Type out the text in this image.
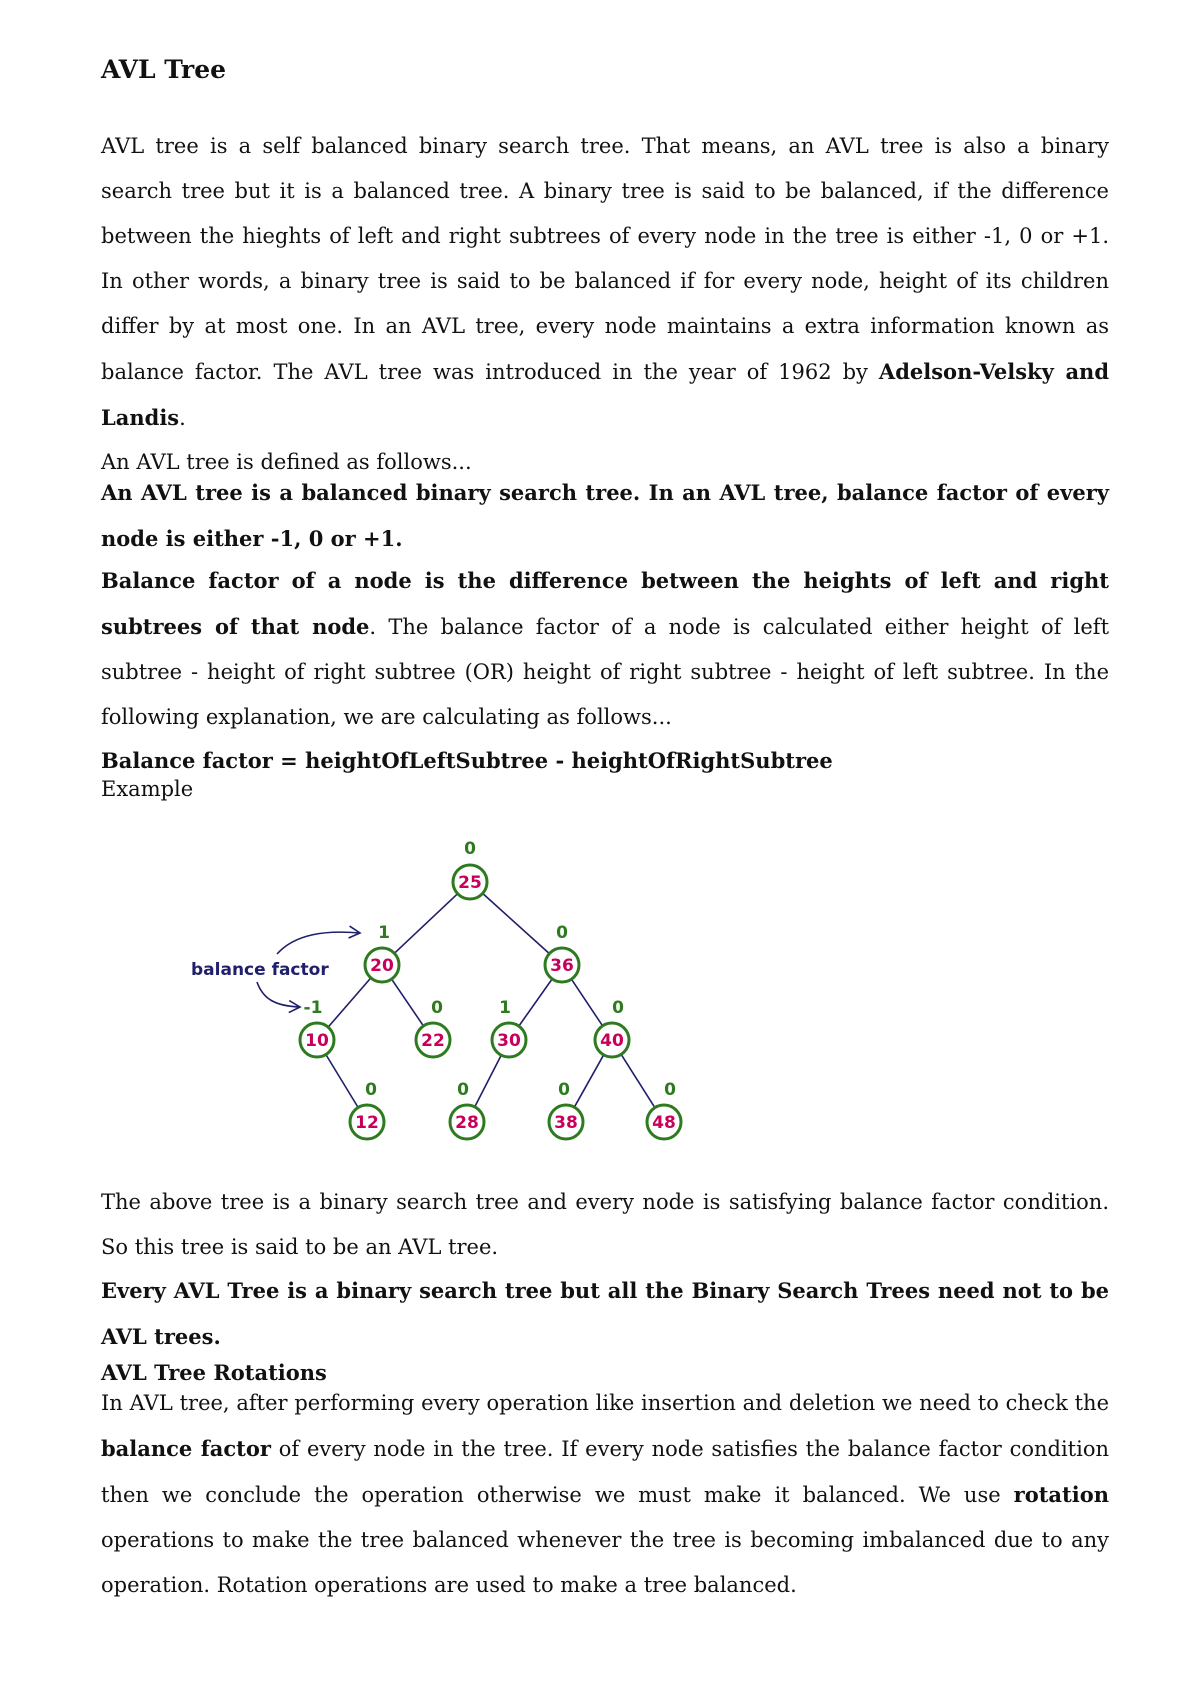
AVL Tree

AVL tree is a self balanced binary search tree. That means, an AVL tree is also a binary search tree but it is a balanced tree. A binary tree is said to be balanced, if the difference between the hieghts of left and right subtrees of every node in the tree is either -1, 0 or +1. In other words, a binary tree is said to be balanced if for every node, height of its children differ by at most one. In an AVL tree, every node maintains a extra information known as balance factor. The AVL tree was introduced in the year of 1962 by Adelson-Velsky and Landis.

An AVL tree is defined as follows...

An AVL tree is a balanced binary search tree. In an AVL tree, balance factor of every node is either -1, 0 or +1.

Balance factor of a node is the difference between the heights of left and right subtrees of that node. The balance factor of a node is calculated either height of left subtree - height of right subtree (OR) height of right subtree - height of left subtree. In the following explanation, we are calculating as follows...

Balance factor = heightOfLeftSubtree - heightOfRightSubtree

Example

balance factor
25
0
20
1
36
0
10
-1
22
0
30
1
40
0
12
0
28
0
38
0
48
0

The above tree is a binary search tree and every node is satisfying balance factor condition. So this tree is said to be an AVL tree.

Every AVL Tree is a binary search tree but all the Binary Search Trees need not to be AVL trees.

AVL Tree Rotations

In AVL tree, after performing every operation like insertion and deletion we need to check the balance factor of every node in the tree. If every node satisfies the balance factor condition then we conclude the operation otherwise we must make it balanced. We use rotation operations to make the tree balanced whenever the tree is becoming imbalanced due to any operation. Rotation operations are used to make a tree balanced.
